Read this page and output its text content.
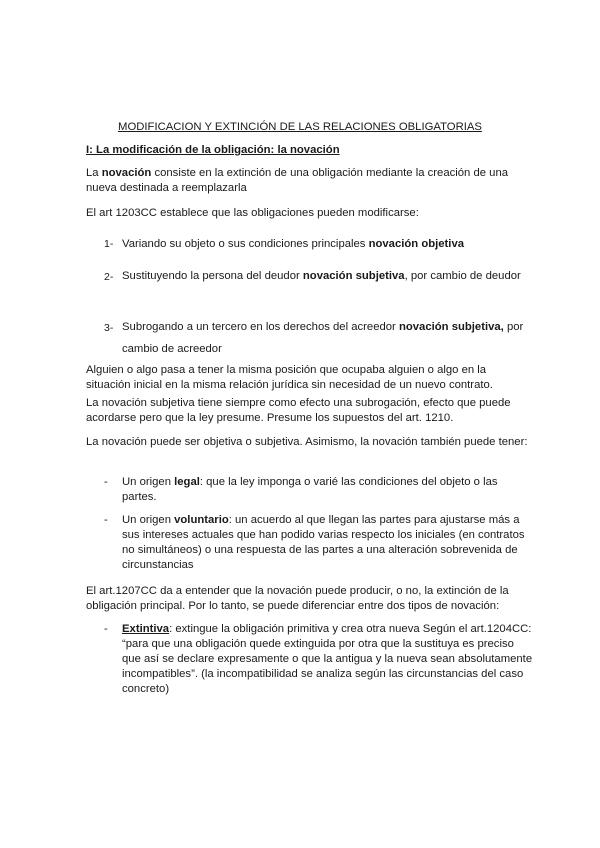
MODIFICACION Y EXTINCIÓN DE LAS RELACIONES OBLIGATORIAS
I: La modificación de la obligación: la novación
La novación consiste en la extinción de una obligación mediante la creación de una nueva destinada a reemplazarla
El art 1203CC establece que las obligaciones pueden modificarse:
1- Variando su objeto o sus condiciones principales novación objetiva
2- Sustituyendo la persona del deudor novación subjetiva, por cambio de deudor
3- Subrogando a un tercero en los derechos del acreedor novación subjetiva, por cambio de acreedor
Alguien o algo pasa a tener la misma posición que ocupaba alguien o algo en la situación inicial en la misma relación jurídica sin necesidad de un nuevo contrato.
La novación subjetiva tiene siempre como efecto una subrogación, efecto que puede acordarse pero que la ley presume. Presume los supuestos del art. 1210.
La novación puede ser objetiva o subjetiva. Asimismo, la novación también puede tener:
-	Un origen legal: que la ley imponga o varié las condiciones del objeto o las partes.
-	Un origen voluntario: un acuerdo al que llegan las partes para ajustarse más a sus intereses actuales que han podido varias respecto los iniciales (en contratos no simultáneos) o una respuesta de las partes a una alteración sobrevenida de circunstancias
El art.1207CC da a entender que la novación puede producir, o no, la extinción de la obligación principal. Por lo tanto, se puede diferenciar entre dos tipos de novación:
-	Extintiva: extingue la obligación primitiva y crea otra nueva Según el art.1204CC: “para que una obligación quede extinguida por otra que la sustituya es preciso que así se declare expresamente o que la antigua y la nueva sean absolutamente incompatibles”. (la incompatibilidad se analiza según las circunstancias del caso concreto)
